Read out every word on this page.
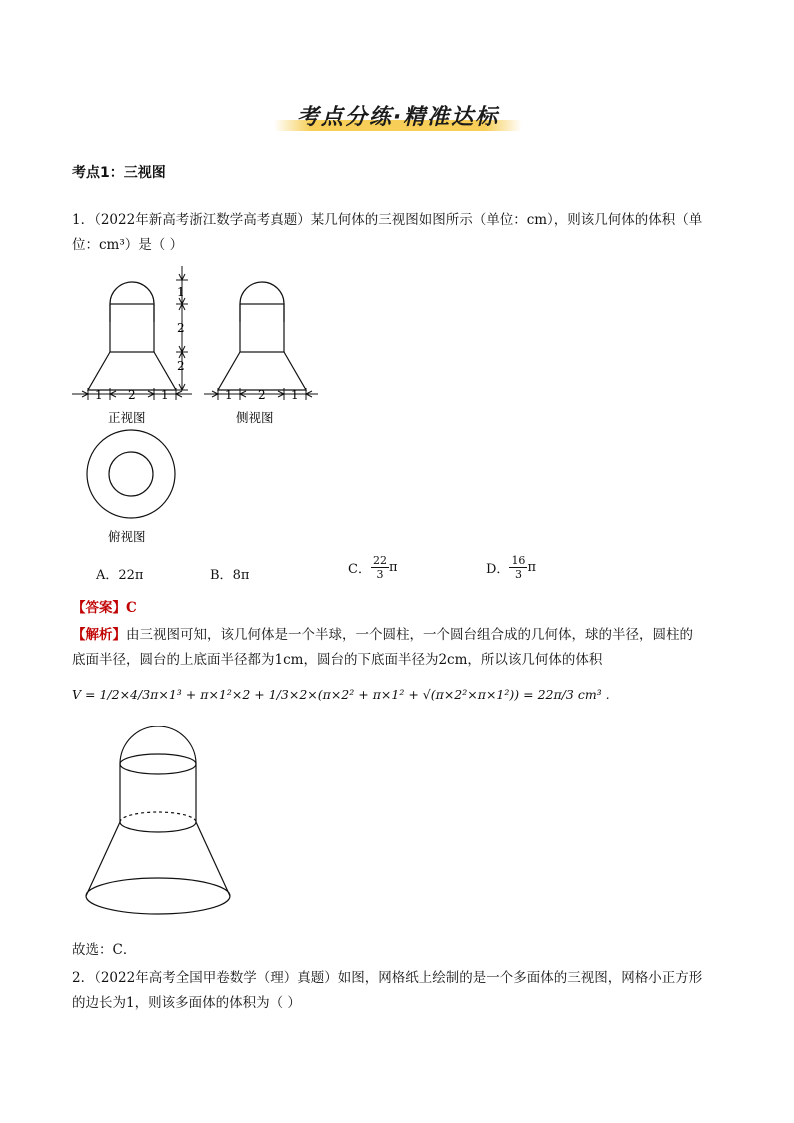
考点分练·精准达标
考点1：三视图
1．（2022年新高考浙江数学高考真题）某几何体的三视图如图所示（单位：cm），则该几何体的体积（单
位：cm³）是（ ）
1
2
2
1 2 1	1 2 1
正视图	侧视图
俯视图
A．22π	B．8π	C． $\frac{22}{3}$ π	D． $\frac{16}{3}$ π
【答案】C
【解析】由三视图可知，该几何体是一个半球，一个圆柱，一个圆台组合成的几何体，球的半径，圆柱的
底面半径，圆台的上底面半径都为1cm，圆台的下底面半径为2cm，所以该几何体的体积
V = 1/2×4/3π×1³ + π×1²×2 + 1/3×2×(π×2² + π×1² + √(π×2²×π×1²)) = 22π/3 cm³ .
故选：C．
2．（2022年高考全国甲卷数学（理）真题）如图，网格纸上绘制的是一个多面体的三视图，网格小正方形
的边长为1，则该多面体的体积为（ ）
